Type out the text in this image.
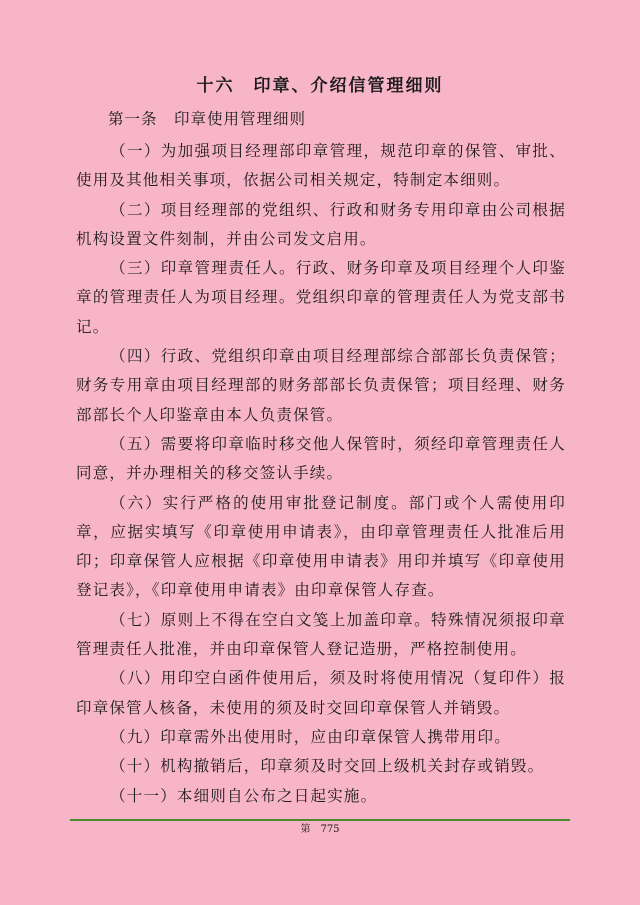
十六　印章、介绍信管理细则
第一条　印章使用管理细则

（一）为加强项目经理部印章管理，规范印章的保管、审批、使用及其他相关事项，依据公司相关规定，特制定本细则。

（二）项目经理部的党组织、行政和财务专用印章由公司根据机构设置文件刻制，并由公司发文启用。

（三）印章管理责任人。行政、财务印章及项目经理个人印鉴章的管理责任人为项目经理。党组织印章的管理责任人为党支部书记。

（四）行政、党组织印章由项目经理部综合部部长负责保管；财务专用章由项目经理部的财务部部长负责保管；项目经理、财务部部长个人印鉴章由本人负责保管。

（五）需要将印章临时移交他人保管时，须经印章管理责任人同意，并办理相关的移交签认手续。

（六）实行严格的使用审批登记制度。部门或个人需使用印章，应据实填写《印章使用申请表》，由印章管理责任人批准后用印；印章保管人应根据《印章使用申请表》用印并填写《印章使用登记表》，《印章使用申请表》由印章保管人存查。

（七）原则上不得在空白文笺上加盖印章。特殊情况须报印章管理责任人批准，并由印章保管人登记造册，严格控制使用。

（八）用印空白函件使用后，须及时将使用情况（复印件）报印章保管人核备，未使用的须及时交回印章保管人并销毁。

（九）印章需外出使用时，应由印章保管人携带用印。

（十）机构撤销后，印章须及时交回上级机关封存或销毁。

（十一）本细则自公布之日起实施。

第　775
